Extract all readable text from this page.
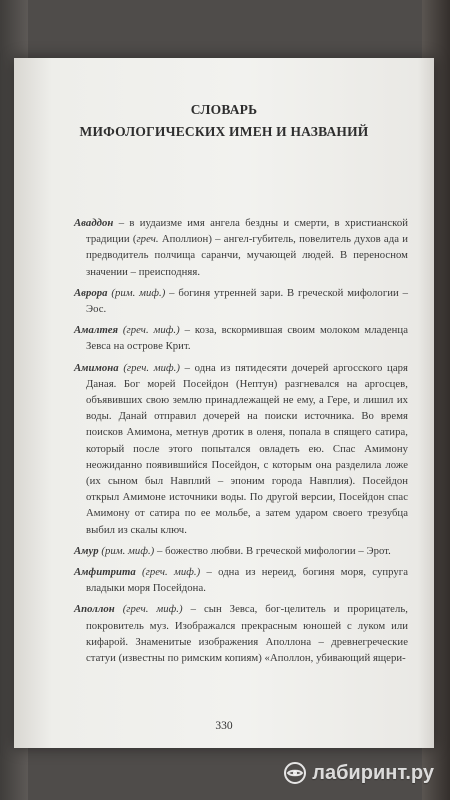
СЛОВАРЬ
МИФОЛОГИЧЕСКИХ ИМЕН И НАЗВАНИЙ

Аваддон – в иудаизме имя ангела бездны и смерти, в христианской традиции (греч. Аполлион) – ангел-губитель, повелитель духов ада и предводитель полчища саранчи, мучающей людей. В переносном значении – преисподняя.

Аврора (рим. миф.) – богиня утренней зари. В греческой мифологии – Эос.

Амалтея (греч. миф.) – коза, вскормившая своим молоком младенца Зевса на острове Крит.

Амимона (греч. миф.) – одна из пятидесяти дочерей аргосского царя Даная. Бог морей Посейдон (Нептун) разгневался на аргосцев, объявивших свою землю принадлежащей не ему, а Гере, и лишил их воды. Данай отправил дочерей на поиски источника. Во время поисков Амимона, метнув дротик в оленя, попала в спящего сатира, который после этого попытался овладеть ею. Спас Амимону неожиданно появившийся Посейдон, с которым она разделила ложе (их сыном был Навплий – эпоним города Навплия). Посейдон открыл Амимоне источники воды. По другой версии, Посейдон спас Амимону от сатира по ее мольбе, а затем ударом своего трезубца выбил из скалы ключ.

Амур (рим. миф.) – божество любви. В греческой мифологии – Эрот.

Амфитрита (греч. миф.) – одна из нереид, богиня моря, супруга владыки моря Посейдона.

Аполлон (греч. миф.) – сын Зевса, бог-целитель и прорицатель, покровитель муз. Изображался прекрасным юношей с луком или кифарой. Знаменитые изображения Аполлона – древнегреческие статуи (известны по римским копиям) «Аполлон, убивающий ящери-

330
лабиринт.ру
